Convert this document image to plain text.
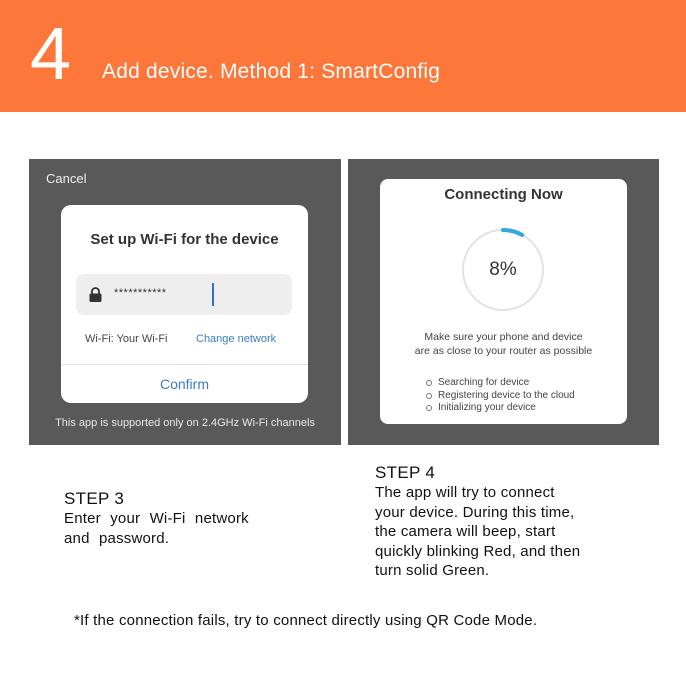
4 Add device. Method 1: SmartConfig
Cancel
Set up Wi-Fi for the device
***********
Wi-Fi: Your Wi-Fi	Change network
Confirm
This app is supported only on 2.4GHz Wi-Fi channels
Connecting Now
8%
Make sure your phone and device
are as close to your router as possible
Searching for device
Registering device to the cloud
Initializing your device
STEP 3
Enter your Wi-Fi network
and password.
STEP 4
The app will try to connect
your device. During this time,
the camera will beep, start
quickly blinking Red, and then
turn solid Green.
*If the connection fails, try to connect directly using QR Code Mode.
